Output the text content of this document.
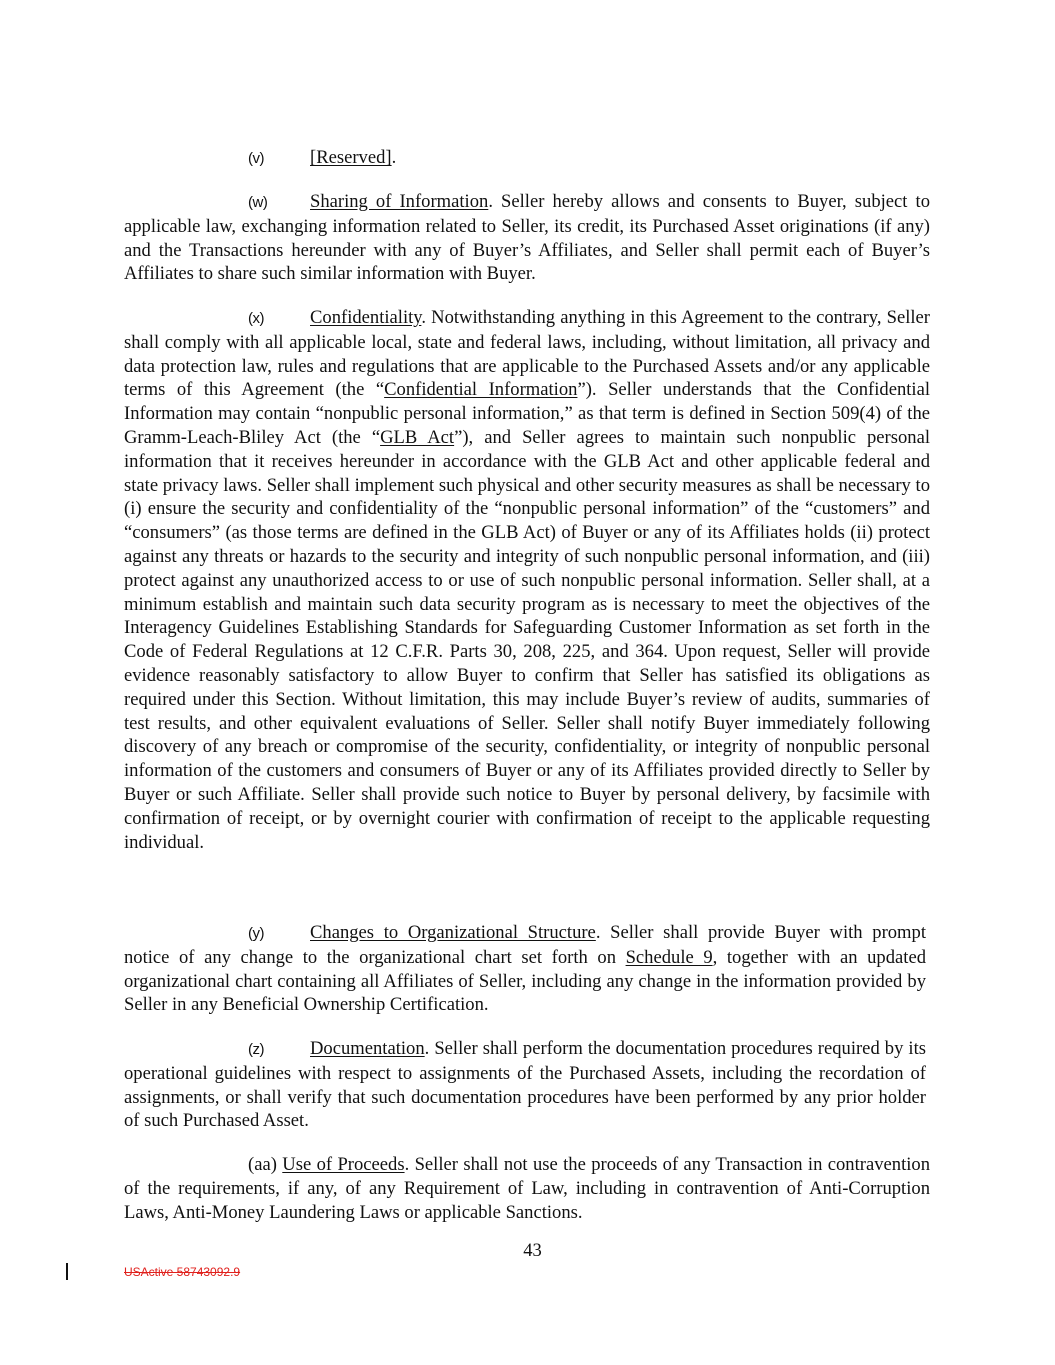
(v) [Reserved].

(w) Sharing of Information. Seller hereby allows and consents to Buyer, subject to applicable law, exchanging information related to Seller, its credit, its Purchased Asset originations (if any) and the Transactions hereunder with any of Buyer’s Affiliates, and Seller shall permit each of Buyer’s Affiliates to share such similar information with Buyer.

(x) Confidentiality. Notwithstanding anything in this Agreement to the contrary, Seller shall comply with all applicable local, state and federal laws, including, without limitation, all privacy and data protection law, rules and regulations that are applicable to the Purchased Assets and/or any applicable terms of this Agreement (the “Confidential Information”). Seller understands that the Confidential Information may contain “nonpublic personal information,” as that term is defined in Section 509(4) of the Gramm-Leach-Bliley Act (the “GLB Act”), and Seller agrees to maintain such nonpublic personal information that it receives hereunder in accordance with the GLB Act and other applicable federal and state privacy laws. Seller shall implement such physical and other security measures as shall be necessary to (i) ensure the security and confidentiality of the “nonpublic personal information” of the “customers” and “consumers” (as those terms are defined in the GLB Act) of Buyer or any of its Affiliates holds (ii) protect against any threats or hazards to the security and integrity of such nonpublic personal information, and (iii) protect against any unauthorized access to or use of such nonpublic personal information. Seller shall, at a minimum establish and maintain such data security program as is necessary to meet the objectives of the Interagency Guidelines Establishing Standards for Safeguarding Customer Information as set forth in the Code of Federal Regulations at 12 C.F.R. Parts 30, 208, 225, and 364. Upon request, Seller will provide evidence reasonably satisfactory to allow Buyer to confirm that Seller has satisfied its obligations as required under this Section. Without limitation, this may include Buyer’s review of audits, summaries of test results, and other equivalent evaluations of Seller. Seller shall notify Buyer immediately following discovery of any breach or compromise of the security, confidentiality, or integrity of nonpublic personal information of the customers and consumers of Buyer or any of its Affiliates provided directly to Seller by Buyer or such Affiliate. Seller shall provide such notice to Buyer by personal delivery, by facsimile with confirmation of receipt, or by overnight courier with confirmation of receipt to the applicable requesting individual.

(y) Changes to Organizational Structure. Seller shall provide Buyer with prompt notice of any change to the organizational chart set forth on Schedule 9, together with an updated organizational chart containing all Affiliates of Seller, including any change in the information provided by Seller in any Beneficial Ownership Certification.

(z) Documentation. Seller shall perform the documentation procedures required by its operational guidelines with respect to assignments of the Purchased Assets, including the recordation of assignments, or shall verify that such documentation procedures have been performed by any prior holder of such Purchased Asset.

(aa) Use of Proceeds. Seller shall not use the proceeds of any Transaction in contravention of the requirements, if any, of any Requirement of Law, including in contravention of Anti-Corruption Laws, Anti-Money Laundering Laws or applicable Sanctions.

43
USActive 58743092.9
